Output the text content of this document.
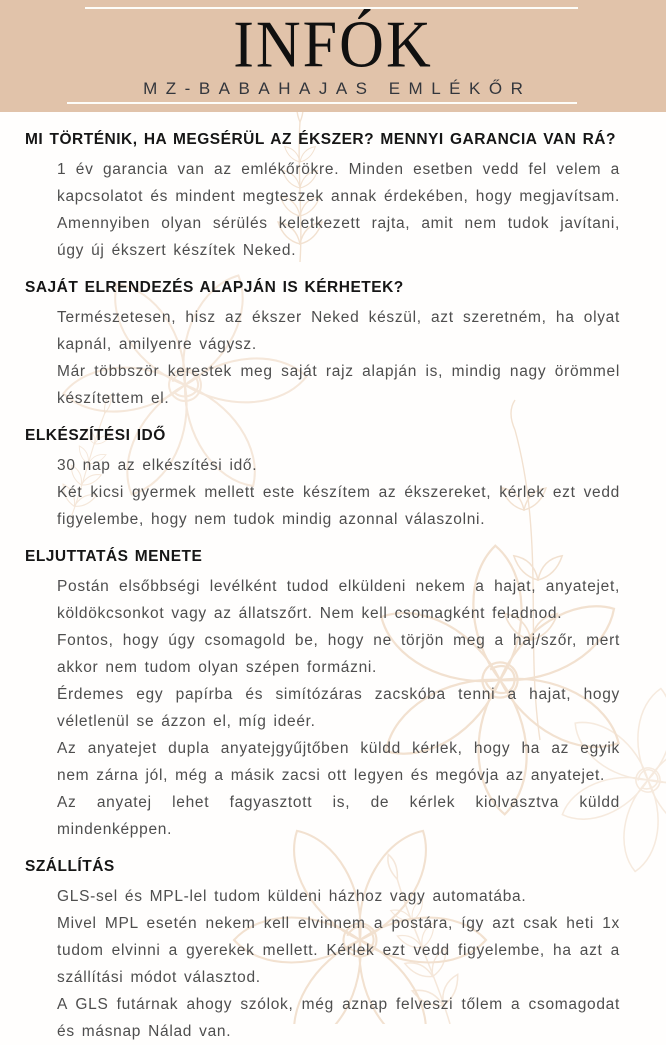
INFÓK
MZ-BABAHAJAS EMLÉKŐR
MI TÖRTÉNIK, HA MEGSÉRÜL AZ ÉKSZER? MENNYI GARANCIA VAN RÁ?

1 év garancia van az emlékőrökre. Minden esetben vedd fel velem a kapcsolatot és mindent megteszek annak érdekében, hogy megjavítsam. Amennyiben olyan sérülés keletkezett rajta, amit nem tudok javítani, úgy új ékszert készítek Neked.

SAJÁT ELRENDEZÉS ALAPJÁN IS KÉRHETEK?

Természetesen, hisz az ékszer Neked készül, azt szeretném, ha olyat kapnál, amilyenre vágysz.

Már többször kerestek meg saját rajz alapján is, mindig nagy örömmel készítettem el.

ELKÉSZÍTÉSI IDŐ

30 nap az elkészítési idő.

Két kicsi gyermek mellett este készítem az ékszereket, kérlek ezt vedd figyelembe, hogy nem tudok mindig azonnal válaszolni.

ELJUTTATÁS MENETE

Postán elsőbbségi levélként tudod elküldeni nekem a hajat, anyatejet, köldökcsonkot vagy az állatszőrt. Nem kell csomagként feladnod.

Fontos, hogy úgy csomagold be, hogy ne törjön meg a haj/szőr, mert akkor nem tudom olyan szépen formázni.

Érdemes egy papírba és simítózáras zacskóba tenni a hajat, hogy véletlenül se ázzon el, míg ideér.

Az anyatejet dupla anyatejgyűjtőben küldd kérlek, hogy ha az egyik nem zárna jól, még a másik zacsi ott legyen és megóvja az anyatejet.

Az anyatej lehet fagyasztott is, de kérlek kiolvasztva küldd mindenképpen.

SZÁLLÍTÁS

GLS-sel és MPL-lel tudom küldeni házhoz vagy automatába.

Mivel MPL esetén nekem kell elvinnem a postára, így azt csak heti 1x tudom elvinni a gyerekek mellett. Kérlek ezt vedd figyelembe, ha azt a szállítási módot választod.

A GLS futárnak ahogy szólok, még aznap felveszi tőlem a csomagodat és másnap Nálad van.
